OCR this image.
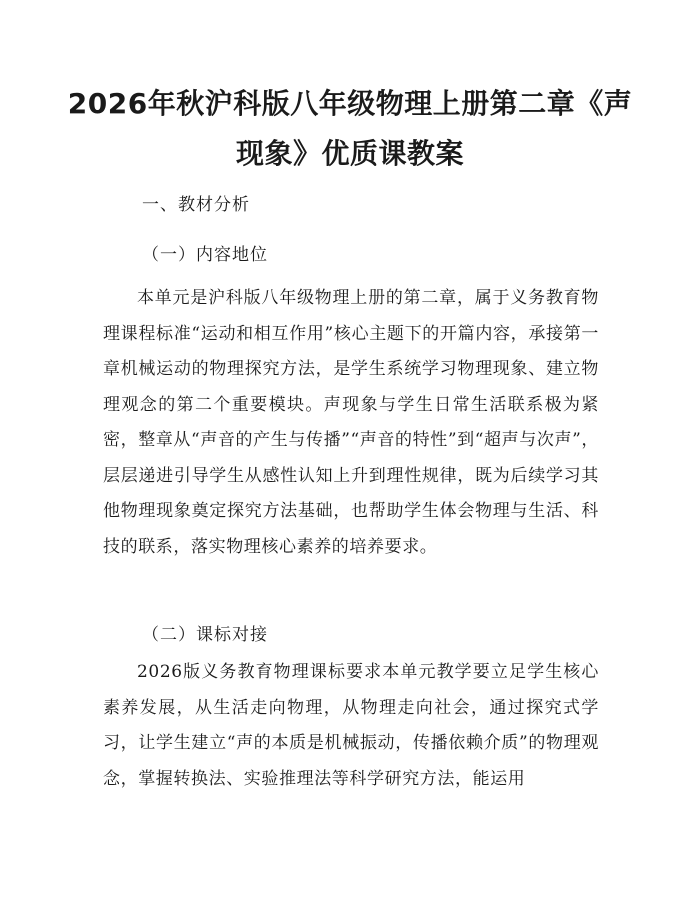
2026年秋沪科版八年级物理上册第二章《声
现象》优质课教案
一、教材分析
（一）内容地位

本单元是沪科版八年级物理上册的第二章，属于义务教育物理课程标准“运动和相互作用”核心主题下的开篇内容，承接第一章机械运动的物理探究方法，是学生系统学习物理现象、建立物理观念的第二个重要模块。声现象与学生日常生活联系极为紧密，整章从“声音的产生与传播”“声音的特性”到“超声与次声”，层层递进引导学生从感性认知上升到理性规律，既为后续学习其他物理现象奠定探究方法基础，也帮助学生体会物理与生活、科技的联系，落实物理核心素养的培养要求。

（二）课标对接

2026版义务教育物理课标要求本单元教学要立足学生核心素养发展，从生活走向物理，从物理走向社会，通过探究式学习，让学生建立“声的本质是机械振动，传播依赖介质”的物理观念，掌握转换法、实验推理法等科学研究方法，能运用
